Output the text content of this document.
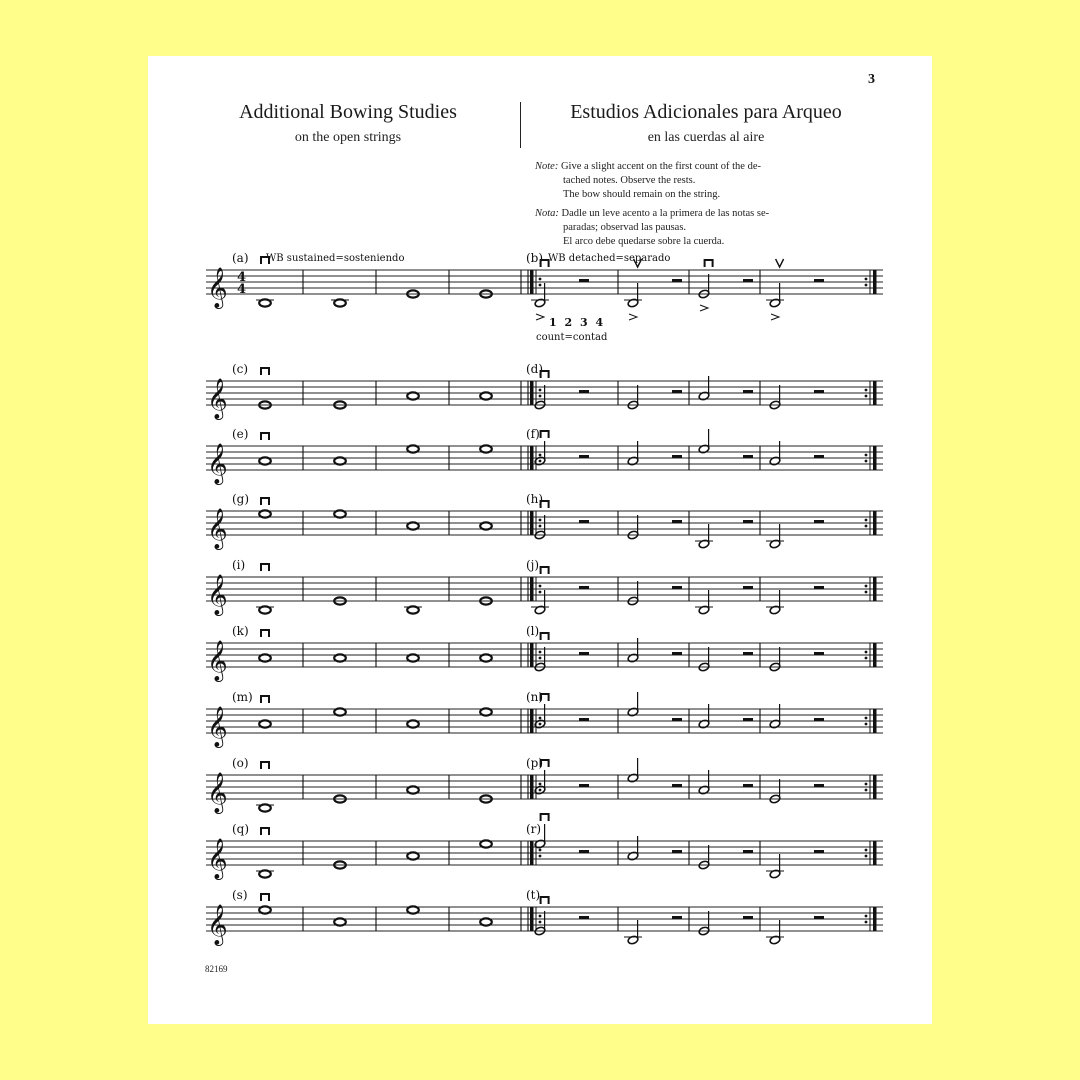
3
Additional Bowing Studies
on the open strings
Estudios Adicionales para Arqueo
en las cuerdas al aire

Note: Give a slight accent on the first count of the de-

tached notes. Observe the rests.

The bow should remain on the string.

Nota: Dadle un leve acento a la primera de las notas se-

paradas; observad las pausas.

El arco debe quedarse sobre la cuerda.

𝄞
(a)	(b)
WB sustained=sosteniendo	WB detached=separado
4
4
1 2 3 4
count=contad
𝄞
(c)	(d)
𝄞
(e)	(f)
𝄞
(g)	(h)
𝄞
(i)	(j)
𝄞
(k)	(l)
𝄞
(m)	(n)
𝄞
(o)	(p)
𝄞
(q)	(r)
𝄞
(s)	(t)
82169
